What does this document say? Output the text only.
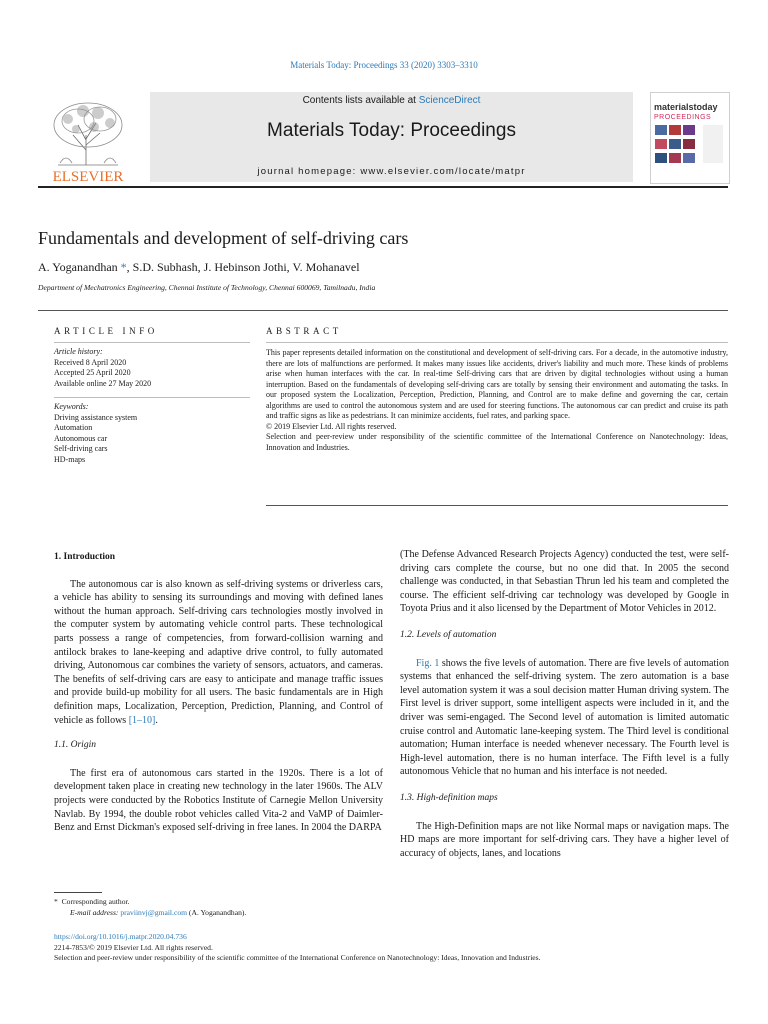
Materials Today: Proceedings 33 (2020) 3303–3310
ELSEVIER
Contents lists available at ScienceDirect
Materials Today: Proceedings
journal homepage: www.elsevier.com/locate/matpr
materialstoday
PROCEEDINGS
Fundamentals and development of self-driving cars
A. Yoganandhan *, S.D. Subhash, J. Hebinson Jothi, V. Mohanavel
Department of Mechatronics Engineering, Chennai Institute of Technology, Chennai 600069, Tamilnadu, India
ARTICLE INFO	ABSTRACT
Article history:
Received 8 April 2020
Accepted 25 April 2020
Available online 27 May 2020
Keywords:
Driving assistance system
Automation
Autonomous car
Self-driving cars
HD-maps
This paper represents detailed information on the constitutional and development of self-driving cars. For a decade, in the automotive industry, there are lots of malfunctions are performed. It makes many issues like accidents, driver's liability and much more. These kinds of problems arise when human interfaces with the car. In real-time Self-driving cars that are driven by digital technologies without using a human interruption. Based on the fundamentals of developing self-driving cars are totally by sensing their environment and automating the tasks. In our proposed system the Localization, Perception, Prediction, Planning, and Control are to make define and governing the car, certain algorithms are used to control the autonomous system and are used for steering functions. The autonomous car can predict and cruise its path and traffic signs as like as pedestrians. It can minimize accidents, fuel rates, and parking space.
© 2019 Elsevier Ltd. All rights reserved.
Selection and peer-review under responsibility of the scientific committee of the International Conference on Nanotechnology: Ideas, Innovation and Industries.
1. Introduction

The autonomous car is also known as self-driving systems or driverless cars, a vehicle has ability to sensing its surroundings and moving with defined lanes without the human approach. Self-driving cars technologies mostly involved in the computer system by automating vehicle control parts. These technological parts possess a range of competencies, from forward-collision warning and antilock brakes to lane-keeping and adaptive drive control, to fully automated driving, Autonomous car combines the variety of sensors, actuators, and cameras. The benefits of self-driving cars are easy to anticipate and manage traffic issues and provide build-up mobility for all users. The basic fundamentals are in High definition maps, Localization, Perception, Prediction, Planning, and Control of vehicle as follows [1–10].

1.1. Origin

The first era of autonomous cars started in the 1920s. There is a lot of development taken place in creating new technology in the later 1960s. The ALV projects were conducted by the Robotics Institute of Carnegie Mellon University Navlab. By 1994, the double robot vehicles called Vita-2 and VaMP of Daimler-Benz and Ernst Dickman's exposed self-driving in free lanes. In 2004 the DARPA

(The Defense Advanced Research Projects Agency) conducted the test, were self-driving cars complete the course, but no one did that. In 2005 the second challenge was conducted, in that Sebastian Thrun led his team and completed the course. The efficient self-driving car technology was developed by Google in Toyota Prius and it also licensed by the Department of Motor Vehicles in 2012.

1.2. Levels of automation

Fig. 1 shows the five levels of automation. There are five levels of automation systems that enhanced the self-driving system. The zero automation is a base level automation system it was a soul decision matter Human driving system. The First level is driver support, some intelligent aspects were included in it, and the driver was semi-engaged. The Second level of automation is limited automatic cruise control and Automatic lane-keeping system. The Third level is conditional automation; Human interface is needed whenever necessary. The Fourth level is High-level automation, there is no human interface. The Fifth level is a fully autonomous Vehicle that no human and his interface is not needed.

1.3. High-definition maps

The High-Definition maps are not like Normal maps or navigation maps. The HD maps are more important for self-driving cars. They have a higher level of accuracy of objects, lanes, and locations

* Corresponding author.
E-mail address: praviinvj@gmail.com (A. Yoganandhan).
https://doi.org/10.1016/j.matpr.2020.04.736
2214-7853/© 2019 Elsevier Ltd. All rights reserved.
Selection and peer-review under responsibility of the scientific committee of the International Conference on Nanotechnology: Ideas, Innovation and Industries.
